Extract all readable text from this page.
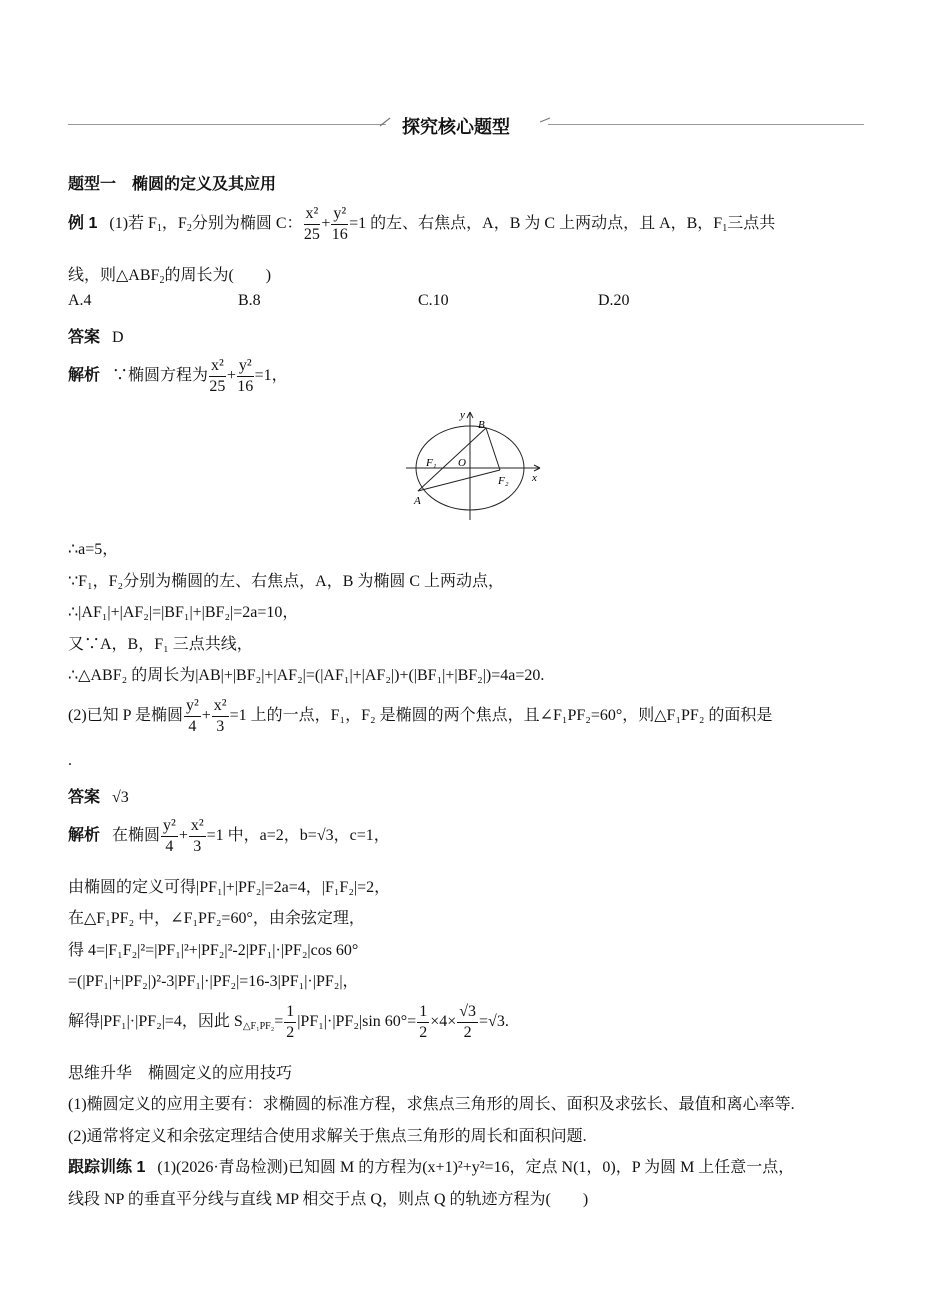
探究核心题型
题型一　椭圆的定义及其应用
例 1 (1)若 $F_1$，$F_2$分别为椭圆 C： $\frac{\text{x²}}{25} + \frac{\text{y²}}{16} =1$ 的左、右焦点，A，B 为 C 上两动点，且 A，B，$F_1$三点共
线，则$\triangle ABF_2$的周长为(　　)
A.4	B.8	C.10	D.20
答案 D
解析 ∵椭圆方程为 $\frac{\text{x²}}{25} + \frac{\text{y²}}{16} =1$，
y
B
F₁ O
F₂ x
A
∴a=5，
∵F₁，F₂分别为椭圆的左、右焦点，A，B 为椭圆 C 上两动点，
∴|AF₁|+|AF₂|=|BF₁|+|BF₂|=2a=10，
又∵A，B，F₁ 三点共线，
∴△ABF₂ 的周长为|AB|+|BF₂|+|AF₂|=(|AF₁|+|AF₂|)+(|BF₁|+|BF₂|)=4a=20.
(2)已知 P 是椭圆 $\frac{\text{y²}}{4} + \frac{\text{x²}}{3} =1$ 上的一点，F₁，F₂ 是椭圆的两个焦点，且∠F₁PF₂=60°，则△F₁PF₂ 的面积是
.
答案 √3
解析 在椭圆 $\frac{\text{y²}}{4} + \frac{\text{x²}}{3} =1$ 中，a=2，b=√3，c=1，
由椭圆的定义可得|PF₁|+|PF₂|=2a=4，|F₁F₂|=2，
在△F₁PF₂ 中，∠F₁PF₂=60°，由余弦定理，
得 4=|F₁F₂|²=|PF₁|²+|PF₂|²-2|PF₁|·|PF₂|cos 60°
=(|PF₁|+|PF₂|)²-3|PF₁|·|PF₂|=16-3|PF₁|·|PF₂|，
解得|PF₁|·|PF₂|=4，因此 $S_{\triangle F_1PF_2}= \frac{1}{2} |PF_1|\cdot|PF_2|\sin$ $60^\circ= \frac{1}{2} \times 4\times \frac{√3}{2} =√3$.
思维升华　椭圆定义的应用技巧
(1)椭圆定义的应用主要有：求椭圆的标准方程，求焦点三角形的周长、面积及求弦长、最值和离心率等.
(2)通常将定义和余弦定理结合使用求解关于焦点三角形的周长和面积问题.
跟踪训练 1 (1)(2026·青岛检测)已知圆 M 的方程为(x+1)²+y²=16，定点 N(1，0)，P 为圆 M 上任意一点，
线段 NP 的垂直平分线与直线 MP 相交于点 Q，则点 Q 的轨迹方程为(　　)
